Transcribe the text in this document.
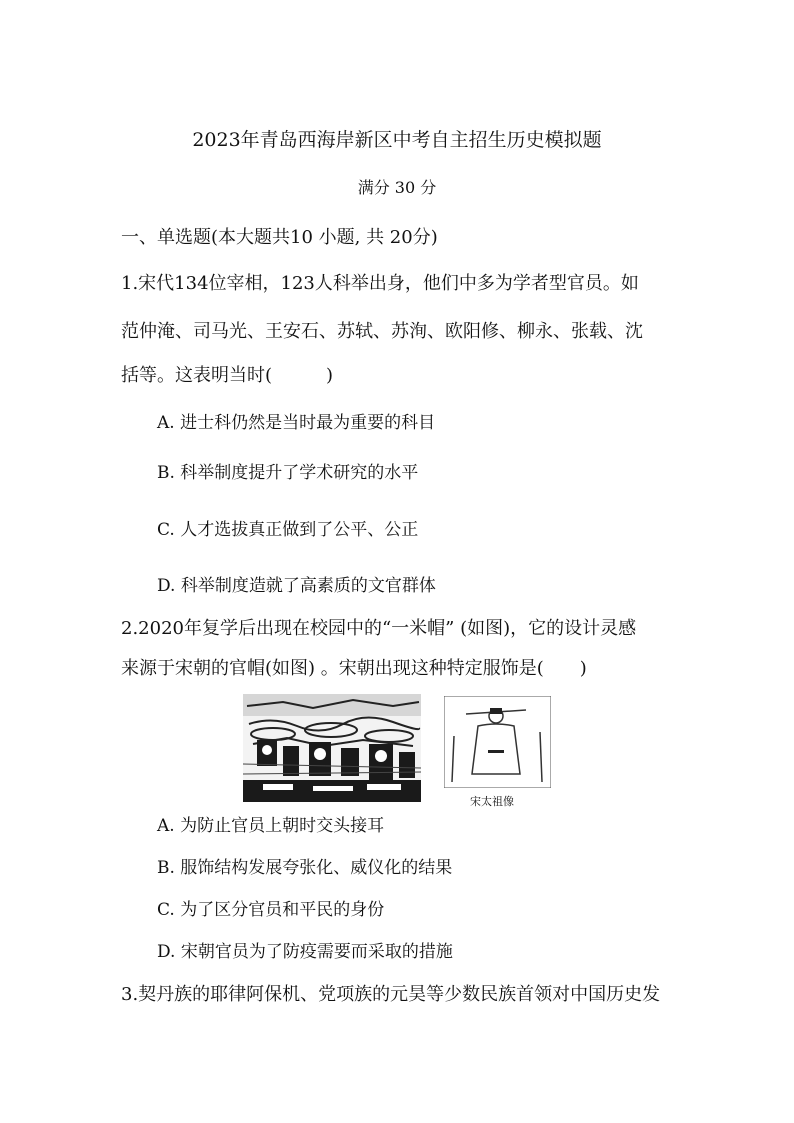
2023年青岛西海岸新区中考自主招生历史模拟题
满分 30 分
一、单选题(本大题共10 小题, 共 20分)
1.宋代134位宰相，123人科举出身，他们中多为学者型官员。如
范仲淹、司马光、王安石、苏轼、苏洵、欧阳修、柳永、张载、沈
括等。这表明当时(　　　)
A. 进士科仍然是当时最为重要的科目
B. 科举制度提升了学术研究的水平
C. 人才选拔真正做到了公平、公正
D. 科举制度造就了高素质的文官群体
2.2020年复学后出现在校园中的“一米帽” (如图)，它的设计灵感
来源于宋朝的官帽(如图) 。宋朝出现这种特定服饰是(　　)
宋太祖像
A. 为防止官员上朝时交头接耳
B. 服饰结构发展夸张化、威仪化的结果
C. 为了区分官员和平民的身份
D. 宋朝官员为了防疫需要而采取的措施
3.契丹族的耶律阿保机、党项族的元昊等少数民族首领对中国历史发
